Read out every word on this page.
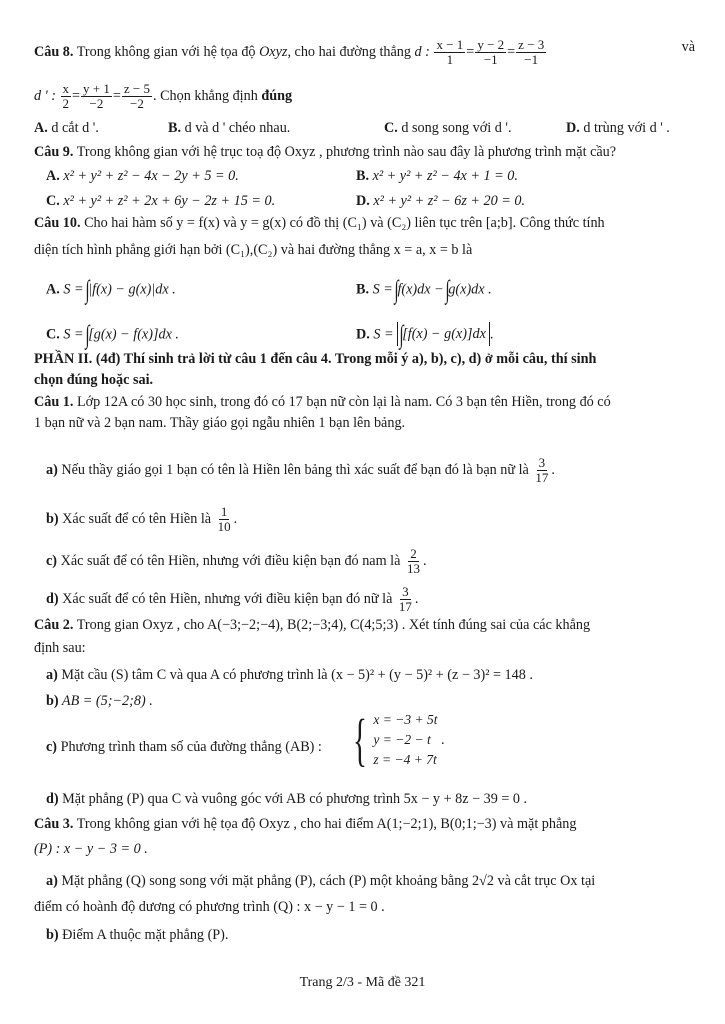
Câu 8. Trong không gian với hệ tọa độ Oxyz, cho hai đường thẳng d : $\frac{x - 1}{1} = \frac{y - 2}{-1} = \frac{z - 3}{-1}$	và
d ' : $\frac{x}{2} = \frac{y + 1}{-2} = \frac{z - 5}{-2}$ . Chọn khẳng định đúng
A. d cắt d '.	B. d và d ' chéo nhau.	C. d song song với d '.	D. d trùng với d ' .
Câu 9. Trong không gian với hệ trục toạ độ Oxyz , phương trình nào sau đây là phương trình mặt cầu?
A. x² + y² + z² − 4x − 2y + 5 = 0.	B. x² + y² + z² − 4x + 1 = 0.
C. x² + y² + z² + 2x + 6y − 2z + 15 = 0.	D. x² + y² + z² − 6z + 20 = 0.
Câu 10. Cho hai hàm số y = f(x) và y = g(x) có đồ thị (C₁) và (C₂) liên tục trên [a;b]. Công thức tính
diện tích hình phẳng giới hạn bởi (C₁),(C₂) và hai đường thẳng x = a, x = b là
A. S = ∫|f(x) − g(x)|dx .	B. S = ∫f(x)dx − ∫g(x)dx .
C. S = ∫[g(x) − f(x)]dx .	D. S = ∫[f(x) − g(x)]dx .
PHẦN II. (4đ) Thí sinh trả lời từ câu 1 đến câu 4. Trong mỗi ý a), b), c), d) ở mỗi câu, thí sinh
chọn đúng hoặc sai.
Câu 1. Lớp 12A có 30 học sinh, trong đó có 17 bạn nữ còn lại là nam. Có 3 bạn tên Hiền, trong đó có
1 bạn nữ và 2 bạn nam. Thầy giáo gọi ngẫu nhiên 1 bạn lên bảng.
a) Nếu thầy giáo gọi 1 bạn có tên là Hiền lên bảng thì xác suất để bạn đó là bạn nữ là $\frac{3}{17}$ .
b) Xác suất để có tên Hiền là $\frac{1}{10}$ .
c) Xác suất để có tên Hiền, nhưng với điều kiện bạn đó nam là $\frac{2}{13}$ .
d) Xác suất để có tên Hiền, nhưng với điều kiện bạn đó nữ là $\frac{3}{17}$ .
Câu 2. Trong gian Oxyz , cho A(−3;−2;−4), B(2;−3;4), C(4;5;3) . Xét tính đúng sai của các khẳng
định sau:
a) Mặt cầu (S) tâm C và qua A có phương trình là (x − 5)² + (y − 5)² + (z − 3)² = 148 .
b) AB = (5;−2;8) .
c) Phương trình tham số của đường thẳng (AB) : { x = −3 + 5t
y = −2 − t
z = −4 + 7t
.
d) Mặt phẳng (P) qua C và vuông góc với AB có phương trình 5x − y + 8z − 39 = 0 .
Câu 3. Trong không gian với hệ tọa độ Oxyz , cho hai điểm A(1;−2;1), B(0;1;−3) và mặt phẳng
(P) : x − y − 3 = 0 .
a) Mặt phẳng (Q) song song với mặt phẳng (P), cách (P) một khoảng bằng 2√2 và cắt trục Ox tại
điểm có hoành độ dương có phương trình (Q) : x − y − 1 = 0 .
b) Điểm A thuộc mặt phẳng (P).
Trang 2/3 - Mã đề 321
